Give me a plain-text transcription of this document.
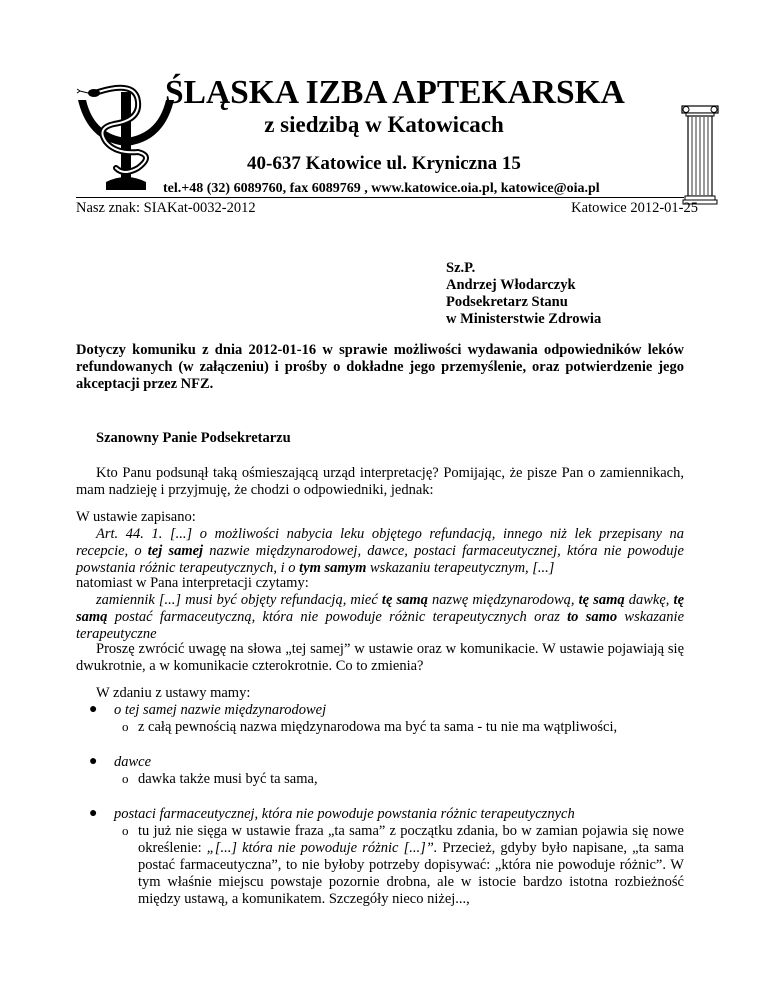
ŚLĄSKA IZBA APTEKARSKA
z siedzibą w Katowicach
40-637 Katowice ul. Kryniczna 15
tel.+48 (32) 6089760, fax 6089769 , www.katowice.oia.pl, katowice@oia.pl
Nasz znak: SIAKat-0032-2012	Katowice 2012-01-25
Sz.P.
Andrzej Włodarczyk
Podsekretarz Stanu
w Ministerstwie Zdrowia
Dotyczy komuniku z dnia 2012-01-16 w sprawie możliwości wydawania odpowiedników leków refundowanych (w załączeniu) i prośby o dokładne jego przemyślenie, oraz potwierdzenie jego akceptacji przez NFZ.
Szanowny Panie Podsekretarzu
Kto Panu podsunął taką ośmieszającą urząd interpretację? Pomijając, że pisze Pan o zamiennikach, mam nadzieję i przyjmuję, że chodzi o odpowiedniki, jednak:
W ustawie zapisano:
Art. 44. 1. [...] o możliwości nabycia leku objętego refundacją, innego niż lek przepisany na recepcie, o tej samej nazwie międzynarodowej, dawce, postaci farmaceutycznej, która nie powoduje powstania różnic terapeutycznych, i o tym samym wskazaniu terapeutycznym, [...]
natomiast w Pana interpretacji czytamy:
zamiennik [...] musi być objęty refundacją, mieć tę samą nazwę międzynarodową, tę samą dawkę, tę samą postać farmaceutyczną, która nie powoduje różnic terapeutycznych oraz to samo wskazanie terapeutyczne
Proszę zwrócić uwagę na słowa „tej samej” w ustawie oraz w komunikacie. W ustawie pojawiają się dwukrotnie, a w komunikacie czterokrotnie. Co to zmienia?
W zdaniu z ustawy mamy:
● o tej samej nazwie międzynarodowej
o z całą pewnością nazwa międzynarodowa ma być ta sama - tu nie ma wątpliwości,
● dawce
o dawka także musi być ta sama,
● postaci farmaceutycznej, która nie powoduje powstania różnic terapeutycznych
o tu już nie sięga w ustawie fraza „ta sama” z początku zdania, bo w zamian pojawia się nowe określenie: „[...] która nie powoduje różnic [...]”. Przecież, gdyby było napisane, „ta sama postać farmaceutyczna”, to nie byłoby potrzeby dopisywać: „która nie powoduje różnic”. W tym właśnie miejscu powstaje pozornie drobna, ale w istocie bardzo istotna rozbieżność między ustawą, a komunikatem. Szczegóły nieco niżej...,
